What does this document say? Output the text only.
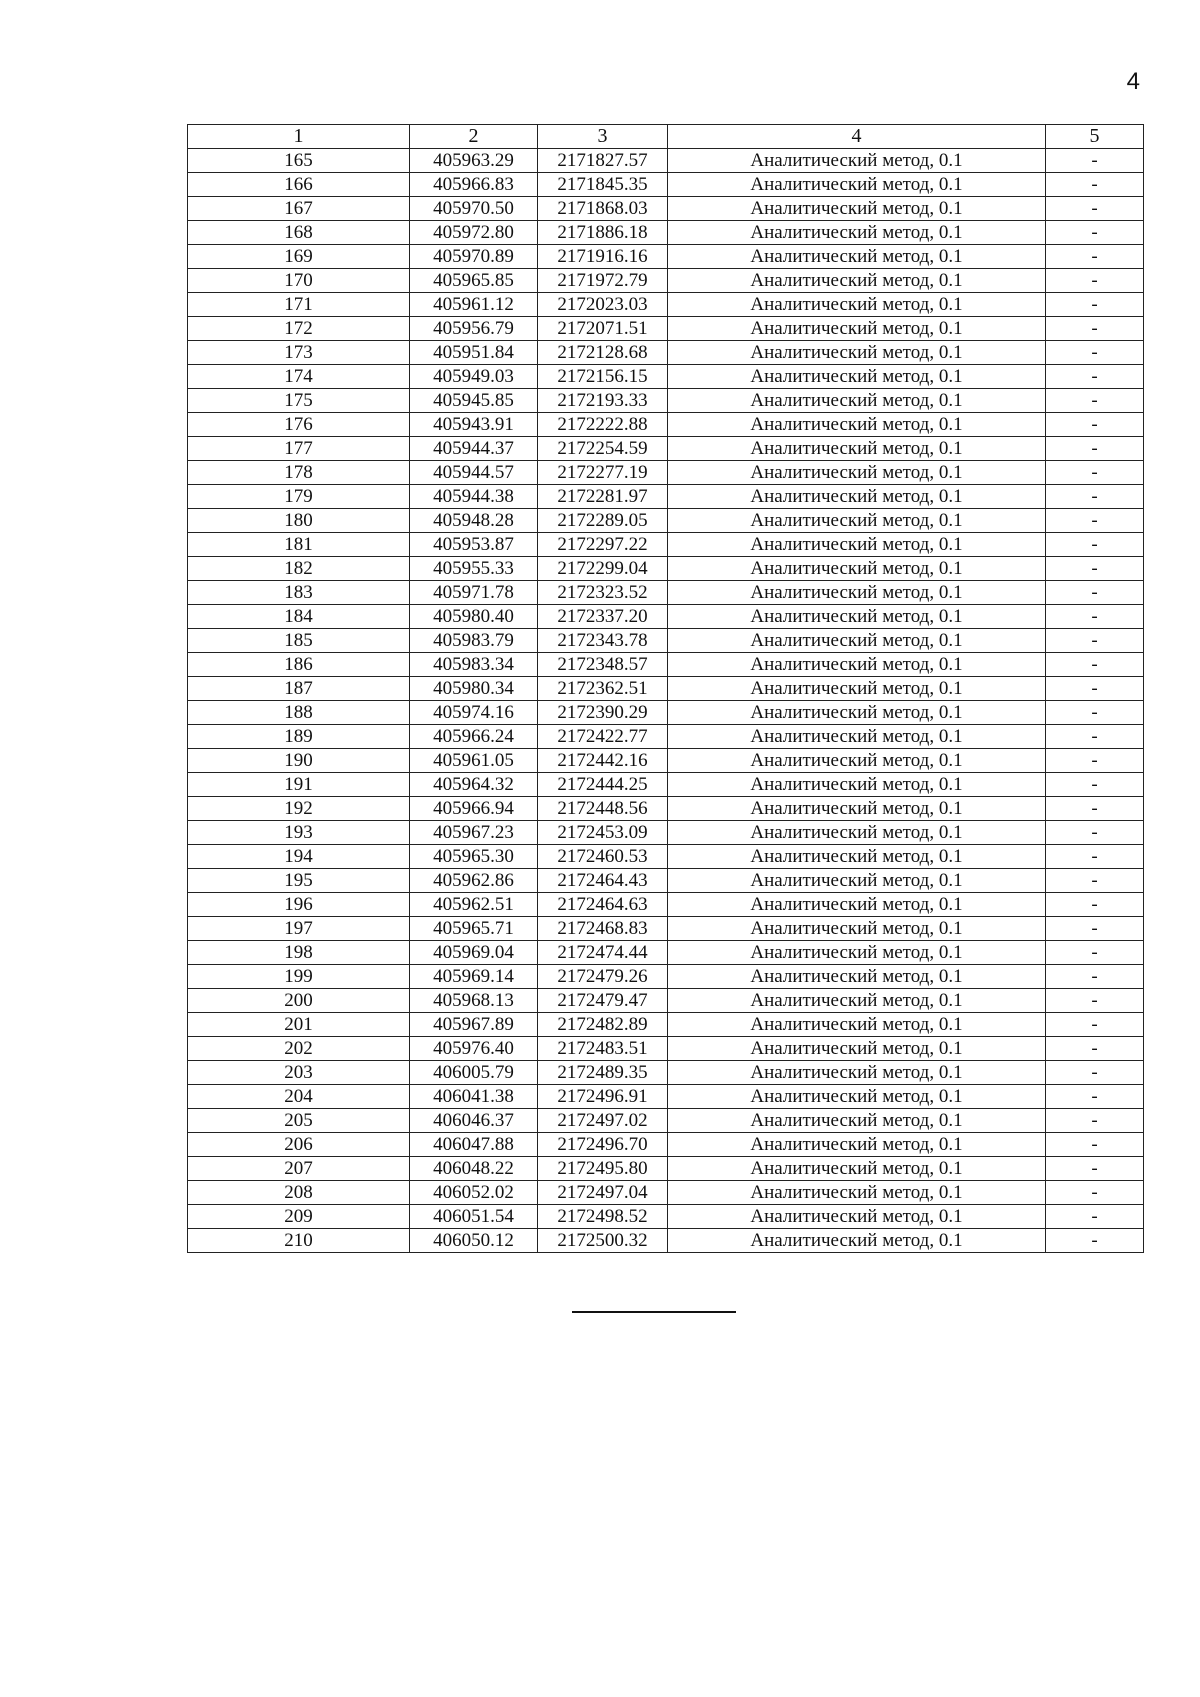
4
1	2	3	4	5
165	405963.29	2171827.57	Аналитический метод, 0.1	-
166	405966.83	2171845.35	Аналитический метод, 0.1	-
167	405970.50	2171868.03	Аналитический метод, 0.1	-
168	405972.80	2171886.18	Аналитический метод, 0.1	-
169	405970.89	2171916.16	Аналитический метод, 0.1	-
170	405965.85	2171972.79	Аналитический метод, 0.1	-
171	405961.12	2172023.03	Аналитический метод, 0.1	-
172	405956.79	2172071.51	Аналитический метод, 0.1	-
173	405951.84	2172128.68	Аналитический метод, 0.1	-
174	405949.03	2172156.15	Аналитический метод, 0.1	-
175	405945.85	2172193.33	Аналитический метод, 0.1	-
176	405943.91	2172222.88	Аналитический метод, 0.1	-
177	405944.37	2172254.59	Аналитический метод, 0.1	-
178	405944.57	2172277.19	Аналитический метод, 0.1	-
179	405944.38	2172281.97	Аналитический метод, 0.1	-
180	405948.28	2172289.05	Аналитический метод, 0.1	-
181	405953.87	2172297.22	Аналитический метод, 0.1	-
182	405955.33	2172299.04	Аналитический метод, 0.1	-
183	405971.78	2172323.52	Аналитический метод, 0.1	-
184	405980.40	2172337.20	Аналитический метод, 0.1	-
185	405983.79	2172343.78	Аналитический метод, 0.1	-
186	405983.34	2172348.57	Аналитический метод, 0.1	-
187	405980.34	2172362.51	Аналитический метод, 0.1	-
188	405974.16	2172390.29	Аналитический метод, 0.1	-
189	405966.24	2172422.77	Аналитический метод, 0.1	-
190	405961.05	2172442.16	Аналитический метод, 0.1	-
191	405964.32	2172444.25	Аналитический метод, 0.1	-
192	405966.94	2172448.56	Аналитический метод, 0.1	-
193	405967.23	2172453.09	Аналитический метод, 0.1	-
194	405965.30	2172460.53	Аналитический метод, 0.1	-
195	405962.86	2172464.43	Аналитический метод, 0.1	-
196	405962.51	2172464.63	Аналитический метод, 0.1	-
197	405965.71	2172468.83	Аналитический метод, 0.1	-
198	405969.04	2172474.44	Аналитический метод, 0.1	-
199	405969.14	2172479.26	Аналитический метод, 0.1	-
200	405968.13	2172479.47	Аналитический метод, 0.1	-
201	405967.89	2172482.89	Аналитический метод, 0.1	-
202	405976.40	2172483.51	Аналитический метод, 0.1	-
203	406005.79	2172489.35	Аналитический метод, 0.1	-
204	406041.38	2172496.91	Аналитический метод, 0.1	-
205	406046.37	2172497.02	Аналитический метод, 0.1	-
206	406047.88	2172496.70	Аналитический метод, 0.1	-
207	406048.22	2172495.80	Аналитический метод, 0.1	-
208	406052.02	2172497.04	Аналитический метод, 0.1	-
209	406051.54	2172498.52	Аналитический метод, 0.1	-
210	406050.12	2172500.32	Аналитический метод, 0.1	-
